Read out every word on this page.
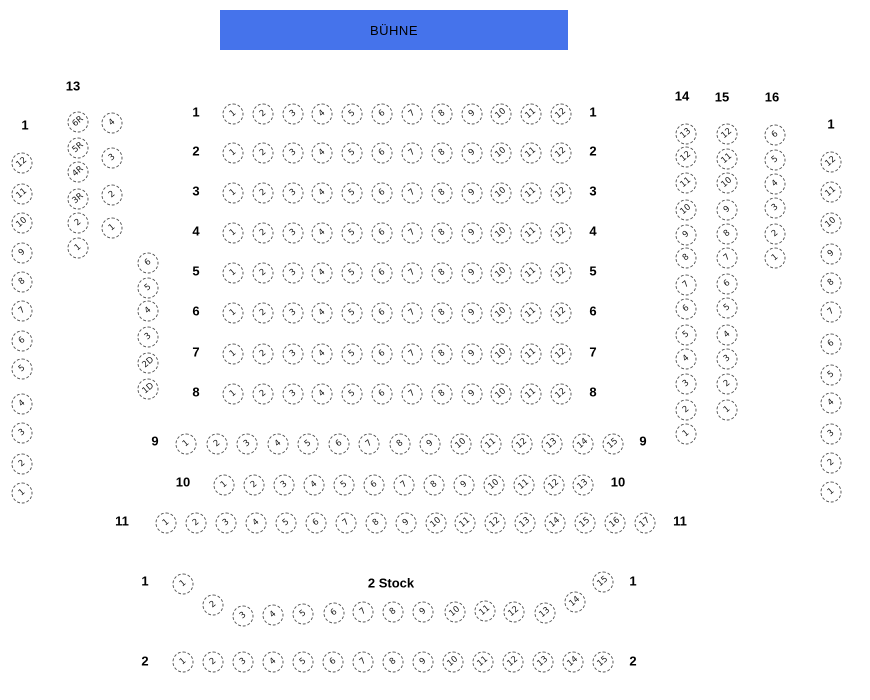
BÜHNE
12
11
10
9
8
7
6
5
4
3
2
1
6R
5R
4R
3R
2
1
4
3
2
1
6
5
4
3
2D
1D
1 2 3 4 5 6 7 8 9 10 11 12
1 2 3 4 5 6 7 8 9 10 11 12
1 2 3 4 5 6 7 8 9 10 11 12
1 2 3 4 5 6 7 8 9 10 11 12
1 2 3 4 5 6 7 8 9 10 11 12
1 2 3 4 5 6 7 8 9 10 11 12
1 2 3 4 5 6 7 8 9 10 11 12
1 2 3 4 5 6 7 8 9 10 11 12
1 2 3 4 5 6 7 8 9 10 11 12 13 14 15
1 2 3 4 5 6 7 8 9 10 11 12 13
1 2 3 4 5 6 7 8 9 10 11 12 13 14 15 16 17
13
12
11
10
9
8
7
6
5
4
3
2
1
12
11
10
9
8
7
6
5
4
3
2
1
6
5
4
3
2
1
12
11
10
9
8
7
6
5
4
3
2
1
1
2
3 4 5 6 7 8 9 10 11 12 13
14
15
1 2 3 4 5 6 7 8 9 10 11 12 13 14 15
13
1
14 15	16
1
1	1
2	2
3	3
4	4
5	5
6	6
7	7
8	8
9	9
10	10
11	11
2 Stock
1	1
2	2
